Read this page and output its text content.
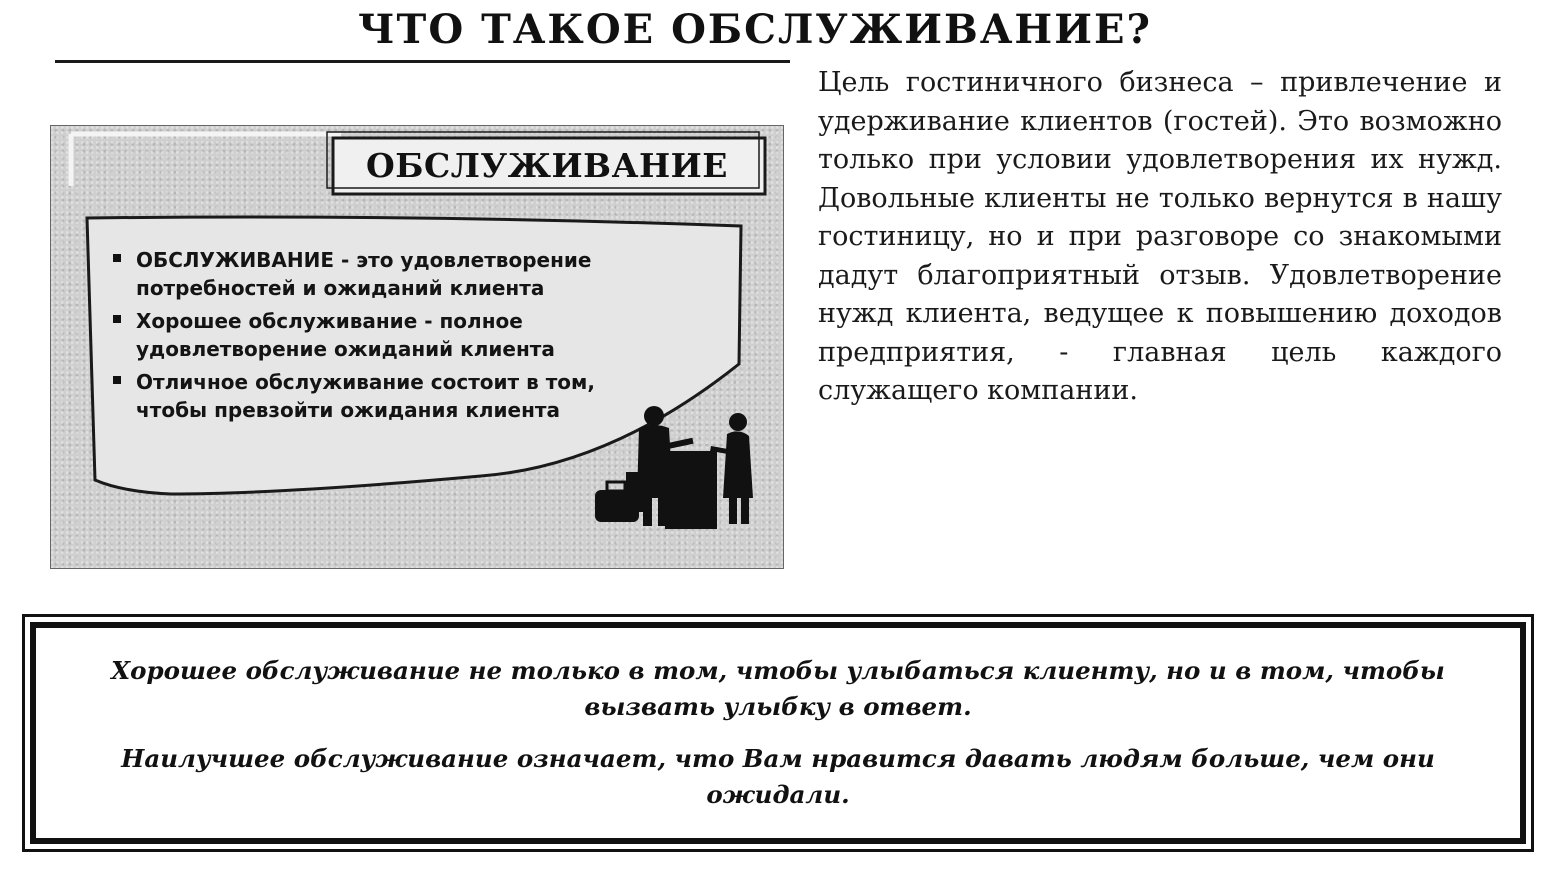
ЧТО ТАКОЕ ОБСЛУЖИВАНИЕ?
ОБСЛУЖИВАНИЕ
ОБСЛУЖИВАНИЕ - это удовлетворение потребностей и ожиданий клиента
Хорошее обслуживание - полное удовлетворение ожиданий клиента
Отличное обслуживание состоит в том, чтобы превзойти ожидания клиента
Цель гостиничного бизнеса – привлечение и удерживание клиентов (гостей). Это возможно только при условии удовлетворения их нужд. Довольные клиенты не только вернутся в нашу гостиницу, но и при разговоре со знакомыми дадут благоприятный отзыв. Удовлетворение нужд клиента, ведущее к повышению доходов предприятия, - главная цель каждого служащего компании.
Хорошее обслуживание не только в том, чтобы улыбаться клиенту, но и в том, чтобы вызвать улыбку в ответ.
Наилучшее обслуживание означает, что Вам нравится давать людям больше, чем они ожидали.
